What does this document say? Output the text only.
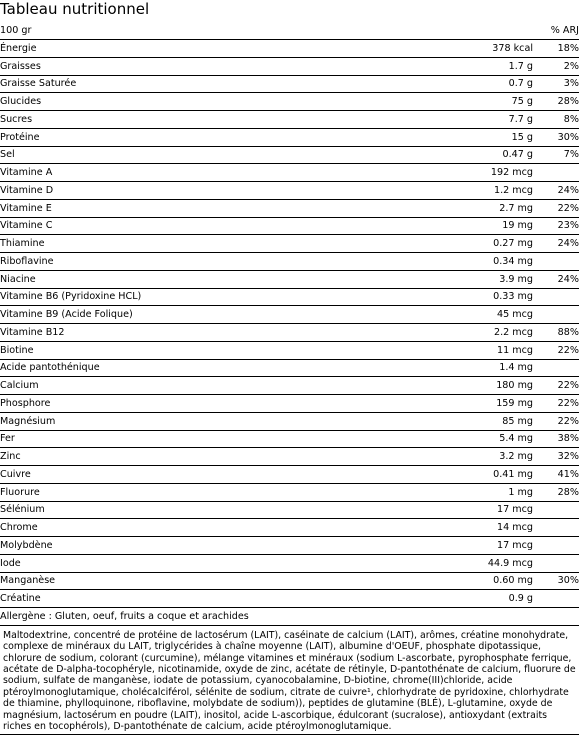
Tableau nutritionnel
100 gr		% ARJ
Énergie	378 kcal	18%
Graisses	1.7 g	2%
Graisse Saturée	0.7 g	3%
Glucides	75 g	28%
Sucres	7.7 g	8%
Protéine	15 g	30%
Sel	0.47 g	7%
Vitamine A	192 mcg	
Vitamine D	1.2 mcg	24%
Vitamine E	2.7 mg	22%
Vitamine C	19 mg	23%
Thiamine	0.27 mg	24%
Riboflavine	0.34 mg	
Niacine	3.9 mg	24%
Vitamine B6 (Pyridoxine HCL)	0.33 mg	
Vitamine B9 (Acide Folique)	45 mcg	
Vitamine B12	2.2 mcg	88%
Biotine	11 mcg	22%
Acide pantothénique	1.4 mg	
Calcium	180 mg	22%
Phosphore	159 mg	22%
Magnésium	85 mg	22%
Fer	5.4 mg	38%
Zinc	3.2 mg	32%
Cuivre	0.41 mg	41%
Fluorure	1 mg	28%
Sélénium	17 mcg	
Chrome	14 mcg	
Molybdène	17 mcg	
Iode	44.9 mcg	
Manganèse	0.60 mg	30%
Créatine	0.9 g	
Allergène : Gluten, oeuf, fruits a coque et arachides		
Maltodextrine, concentré de protéine de lactosérum (LAIT), caséinate de calcium (LAIT), arômes, créatine monohydrate, complexe de minéraux du LAIT, triglycérides à chaîne moyenne (LAIT), albumine d'OEUF, phosphate dipotassique, chlorure de sodium, colorant (curcumine), mélange vitamines et minéraux (sodium L-ascorbate, pyrophosphate ferrique, acétate de D-alpha-tocophéryle, nicotinamide, oxyde de zinc, acétate de rétinyle, D-pantothénate de calcium, fluorure de sodium, sulfate de manganèse, iodate de potassium, cyanocobalamine, D-biotine, chrome(III)chloride, acide ptéroylmonoglutamique, cholécalciférol, sélénite de sodium, citrate de cuivre¹, chlorhydrate de pyridoxine, chlorhydrate de thiamine, phylloquinone, riboflavine, molybdate de sodium)), peptides de glutamine (BLÉ), L-glutamine, oxyde de magnésium, lactosérum en poudre (LAIT), inositol, acide L-ascorbique, édulcorant (sucralose), antioxydant (extraits riches en tocophérols), D-pantothénate de calcium, acide ptéroylmonoglutamique.
